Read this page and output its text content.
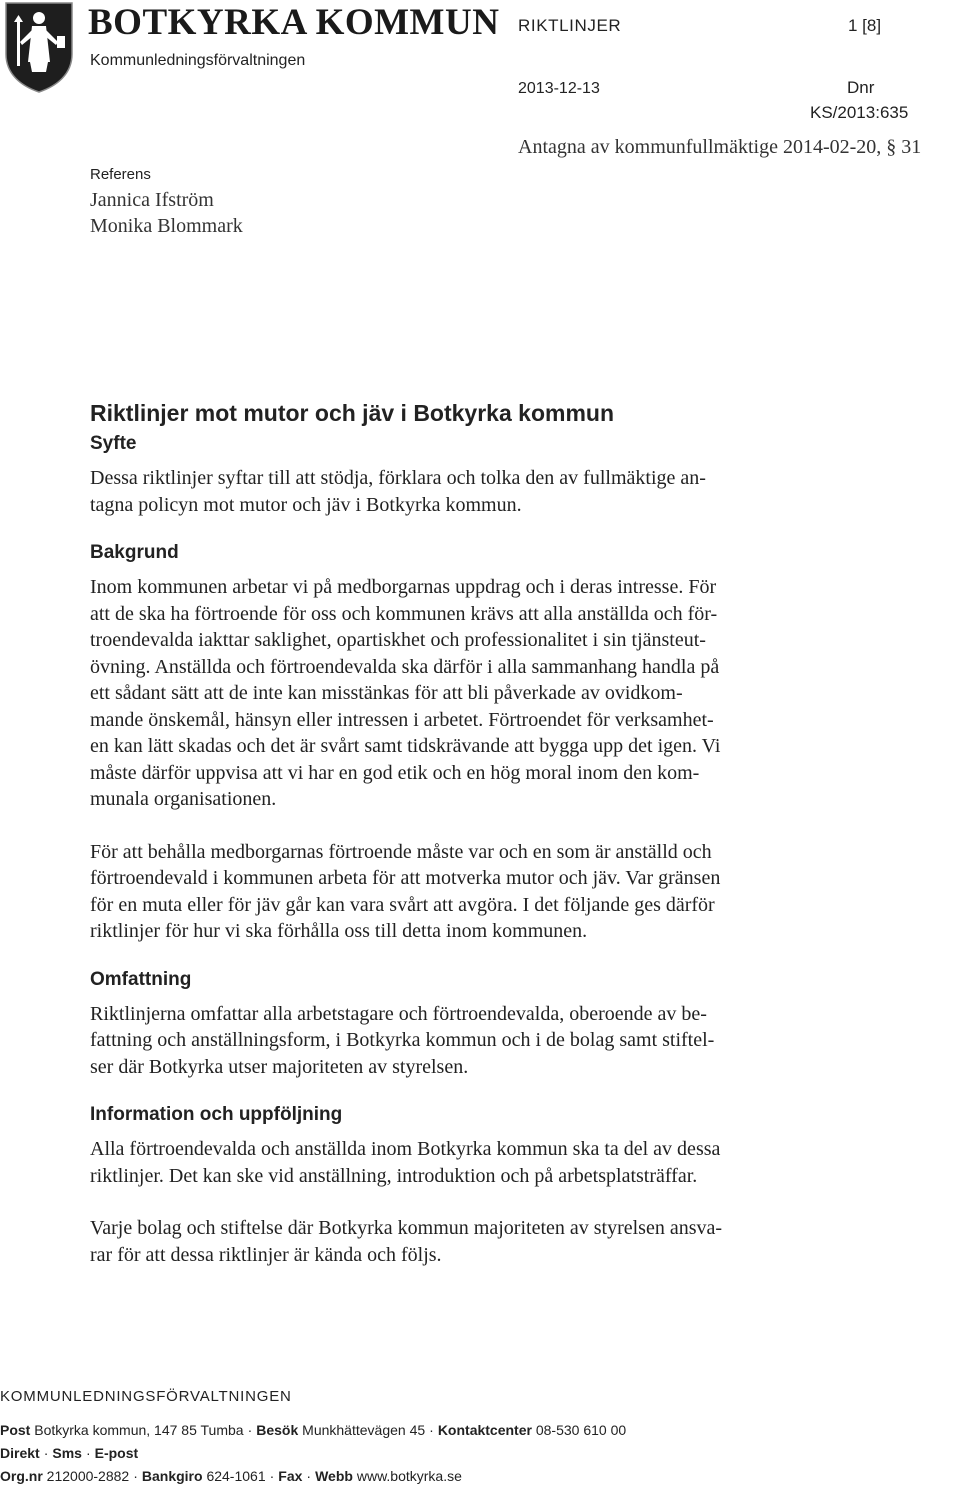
BOTKYRKA KOMMUN
Kommunledningsförvaltningen
RIKTLINJER	1 [8]
2013-12-13	Dnr
KS/2013:635
Antagna av kommunfullmäktige 2014-02-20, § 31
Referens
Jannica Ifström
Monika Blommark
Riktlinjer mot mutor och jäv i Botkyrka kommun
Syfte
Dessa riktlinjer syftar till att stödja, förklara och tolka den av fullmäktige an-
tagna policyn mot mutor och jäv i Botkyrka kommun.
Bakgrund
Inom kommunen arbetar vi på medborgarnas uppdrag och i deras intresse. För
att de ska ha förtroende för oss och kommunen krävs att alla anställda och för-
troendevalda iakttar saklighet, opartiskhet och professionalitet i sin tjänsteut-
övning. Anställda och förtroendevalda ska därför i alla sammanhang handla på
ett sådant sätt att de inte kan misstänkas för att bli påverkade av ovidkom-
mande önskemål, hänsyn eller intressen i arbetet. Förtroendet för verksamhet-
en kan lätt skadas och det är svårt samt tidskrävande att bygga upp det igen. Vi
måste därför uppvisa att vi har en god etik och en hög moral inom den kom-
munala organisationen.
För att behålla medborgarnas förtroende måste var och en som är anställd och
förtroendevald i kommunen arbeta för att motverka mutor och jäv. Var gränsen
för en muta eller för jäv går kan vara svårt att avgöra. I det följande ges därför
riktlinjer för hur vi ska förhålla oss till detta inom kommunen.
Omfattning
Riktlinjerna omfattar alla arbetstagare och förtroendevalda, oberoende av be-
fattning och anställningsform, i Botkyrka kommun och i de bolag samt stiftel-
ser där Botkyrka utser majoriteten av styrelsen.
Information och uppföljning
Alla förtroendevalda och anställda inom Botkyrka kommun ska ta del av dessa
riktlinjer. Det kan ske vid anställning, introduktion och på arbetsplatsträffar.
Varje bolag och stiftelse där Botkyrka kommun majoriteten av styrelsen ansva-
rar för att dessa riktlinjer är kända och följs.
KOMMUNLEDNINGSFÖRVALTNINGEN
Post Botkyrka kommun, 147 85 Tumba · Besök Munkhättevägen 45 · Kontaktcenter 08-530 610 00
Direkt · Sms · E-post
Org.nr 212000-2882 · Bankgiro 624-1061 · Fax · Webb www.botkyrka.se
